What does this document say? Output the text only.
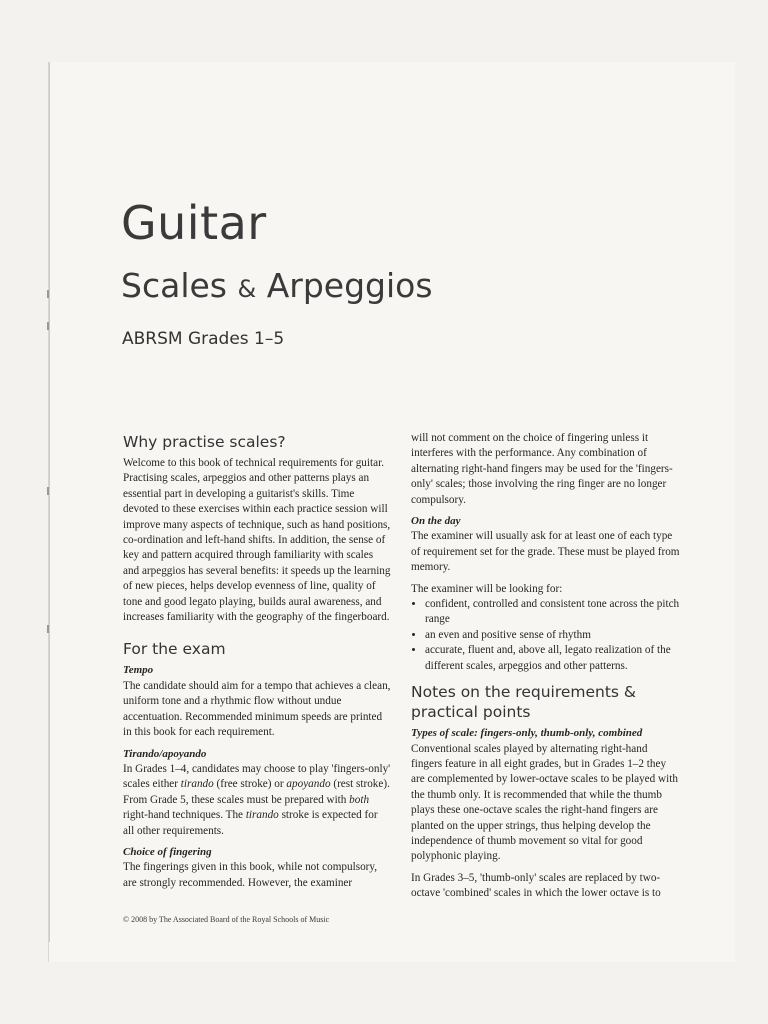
Guitar
Scales & Arpeggios
ABRSM Grades 1–5
Why practise scales?

Welcome to this book of technical requirements for guitar. Practising scales, arpeggios and other patterns plays an essential part in developing a guitarist's skills. Time devoted to these exercises within each practice session will improve many aspects of technique, such as hand positions, co-ordination and left-hand shifts. In addition, the sense of key and pattern acquired through familiarity with scales and arpeggios has several benefits: it speeds up the learning of new pieces, helps develop evenness of line, quality of tone and good legato playing, builds aural awareness, and increases familiarity with the geography of the fingerboard.

For the exam
Tempo

The candidate should aim for a tempo that achieves a clean, uniform tone and a rhythmic flow without undue accentuation. Recommended minimum speeds are printed in this book for each requirement.

Tirando/apoyando

In Grades 1–4, candidates may choose to play 'fingers-only' scales either tirando (free stroke) or apoyando (rest stroke). From Grade 5, these scales must be prepared with both right-hand techniques. The tirando stroke is expected for all other requirements.

Choice of fingering

The fingerings given in this book, while not compulsory, are strongly recommended. However, the examiner

will not comment on the choice of fingering unless it interferes with the performance. Any combination of alternating right-hand fingers may be used for the 'fingers-only' scales; those involving the ring finger are no longer compulsory.

On the day

The examiner will usually ask for at least one of each type of requirement set for the grade. These must be played from memory.

The examiner will be looking for:

• confident, controlled and consistent tone across the pitch range
• an even and positive sense of rhythm
• accurate, fluent and, above all, legato realization of the different scales, arpeggios and other patterns.
Notes on the requirements & practical points
Types of scale: fingers-only, thumb-only, combined

Conventional scales played by alternating right-hand fingers feature in all eight grades, but in Grades 1–2 they are complemented by lower-octave scales to be played with the thumb only. It is recommended that while the thumb plays these one-octave scales the right-hand fingers are planted on the upper strings, thus helping develop the independence of thumb movement so vital for good polyphonic playing.

In Grades 3–5, 'thumb-only' scales are replaced by two-octave 'combined' scales in which the lower octave is to

© 2008 by The Associated Board of the Royal Schools of Music
